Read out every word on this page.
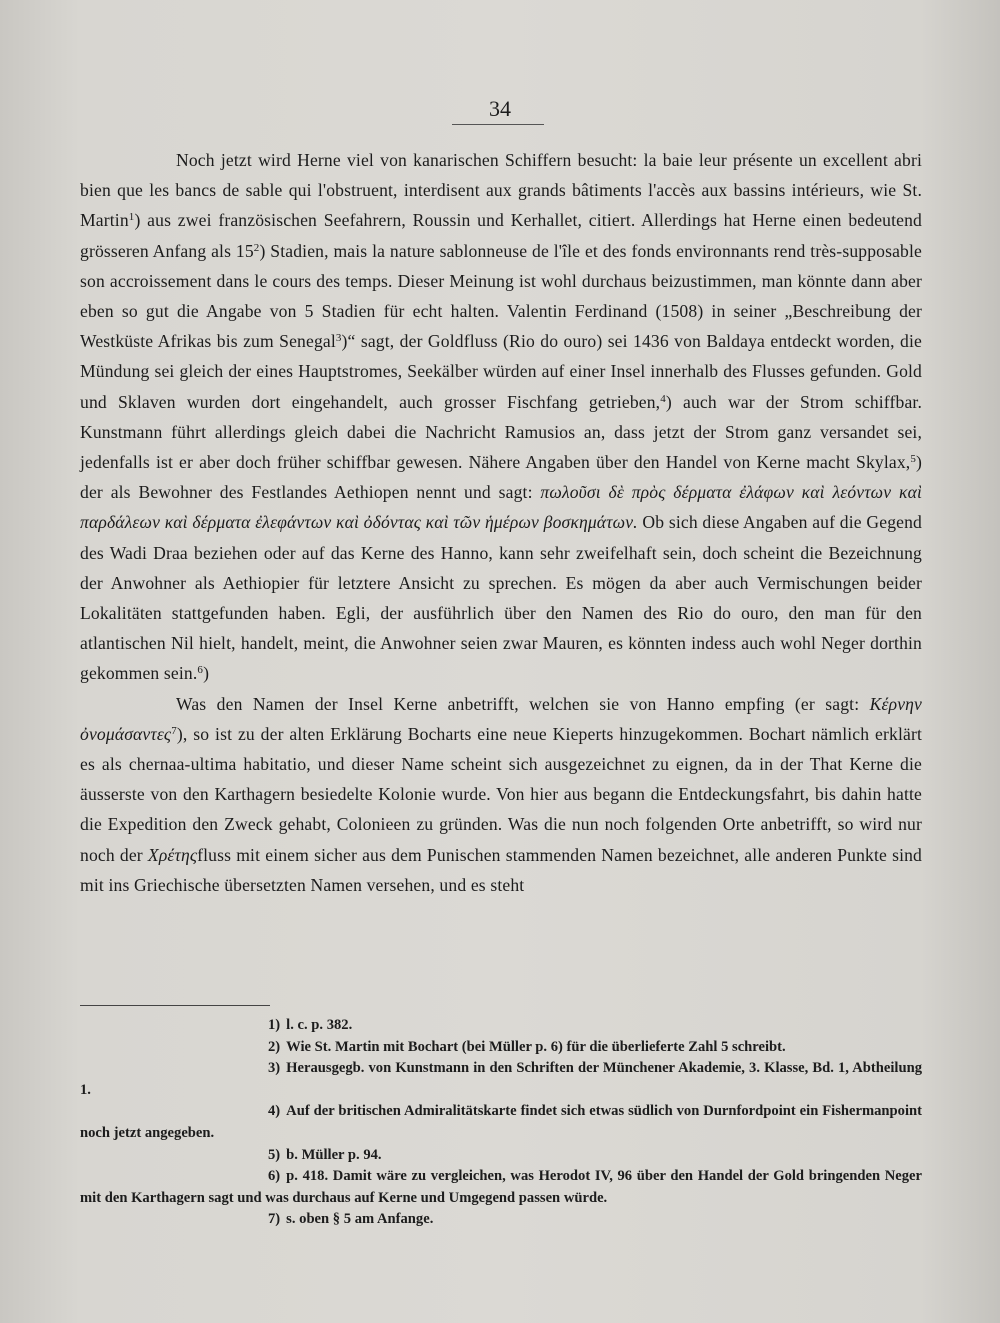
34

Noch jetzt wird Herne viel von kanarischen Schiffern besucht: la baie leur présente un excellent abri bien que les bancs de sable qui l'obstruent, interdisent aux grands bâtiments l'accès aux bassins intérieurs, wie St. Martin$^1$) aus zwei französischen Seefahrern, Roussin und Kerhallet, citiert. Allerdings hat Herne einen bedeutend grösseren Anfang als $15^2$) Stadien, mais la nature sablonneuse de l'île et des fonds environnants rend très-supposable son accroissement dans le cours des temps. Dieser Meinung ist wohl durchaus beizustimmen, man könnte dann aber eben so gut die Angabe von 5 Stadien für echt halten. Valentin Ferdinand (1508) in seiner „Beschreibung der Westküste Afrikas bis zum Senegal$^3$)“ sagt, der Goldfluss (Rio do ouro) sei 1436 von Baldaya entdeckt worden, die Mündung sei gleich der eines Hauptstromes, Seekälber würden auf einer Insel innerhalb des Flusses gefunden. Gold und Sklaven wurden dort eingehandelt, auch grosser Fischfang getrieben,$^4$) auch war der Strom schiffbar. Kunstmann führt allerdings gleich dabei die Nachricht Ramusios an, dass jetzt der Strom ganz versandet sei, jedenfalls ist er aber doch früher schiffbar gewesen. Nähere Angaben über den Handel von Kerne macht Skylax,$^5$) der als Bewohner des Festlandes Aethiopen nennt und sagt: πωλοῦσι δὲ πρὸς δέρματα ἐλάφων καὶ λεόντων καὶ παρδάλεων καὶ δέρματα ἐλεφάντων καὶ ὀδόντας καὶ τῶν ἡμέρων βοσκημάτων. Ob sich diese Angaben auf die Gegend des Wadi Draa beziehen oder auf das Kerne des Hanno, kann sehr zweifelhaft sein, doch scheint die Bezeichnung der Anwohner als Aethiopier für letztere Ansicht zu sprechen. Es mögen da aber auch Vermischungen beider Lokalitäten stattgefunden haben. Egli, der ausführlich über den Namen des Rio do ouro, den man für den atlantischen Nil hielt, handelt, meint, die Anwohner seien zwar Mauren, es könnten indess auch wohl Neger dorthin gekommen sein.$^6$)

Was den Namen der Insel Kerne anbetrifft, welchen sie von Hanno empfing (er sagt: Κέρνην ὀνομάσαντες$^7$), so ist zu der alten Erklärung Bocharts eine neue Kieperts hinzugekommen. Bochart nämlich erklärt es als chernaa-ultima habitatio, und dieser Name scheint sich ausgezeichnet zu eignen, da in der That Kerne die äusserste von den Karthagern besiedelte Kolonie wurde. Von hier aus begann die Entdeckungsfahrt, bis dahin hatte die Expedition den Zweck gehabt, Colonieen zu gründen. Was die nun noch folgenden Orte anbetrifft, so wird nur noch der Χρέτηςfluss mit einem sicher aus dem Punischen stammenden Namen bezeichnet, alle anderen Punkte sind mit ins Griechische übersetzten Namen versehen, und es steht

1) l. c. p. 382.

2) Wie St. Martin mit Bochart (bei Müller p. 6) für die überlieferte Zahl 5 schreibt.

3) Herausgegb. von Kunstmann in den Schriften der Münchener Akademie, 3. Klasse, Bd. 1, Abtheilung 1.

4) Auf der britischen Admiralitätskarte findet sich etwas südlich von Durnfordpoint ein Fishermanpoint noch jetzt angegeben.

5) b. Müller p. 94.

6) p. 418. Damit wäre zu vergleichen, was Herodot IV, 96 über den Handel der Gold bringenden Neger mit den Karthagern sagt und was durchaus auf Kerne und Umgegend passen würde.

7) s. oben § 5 am Anfange.
